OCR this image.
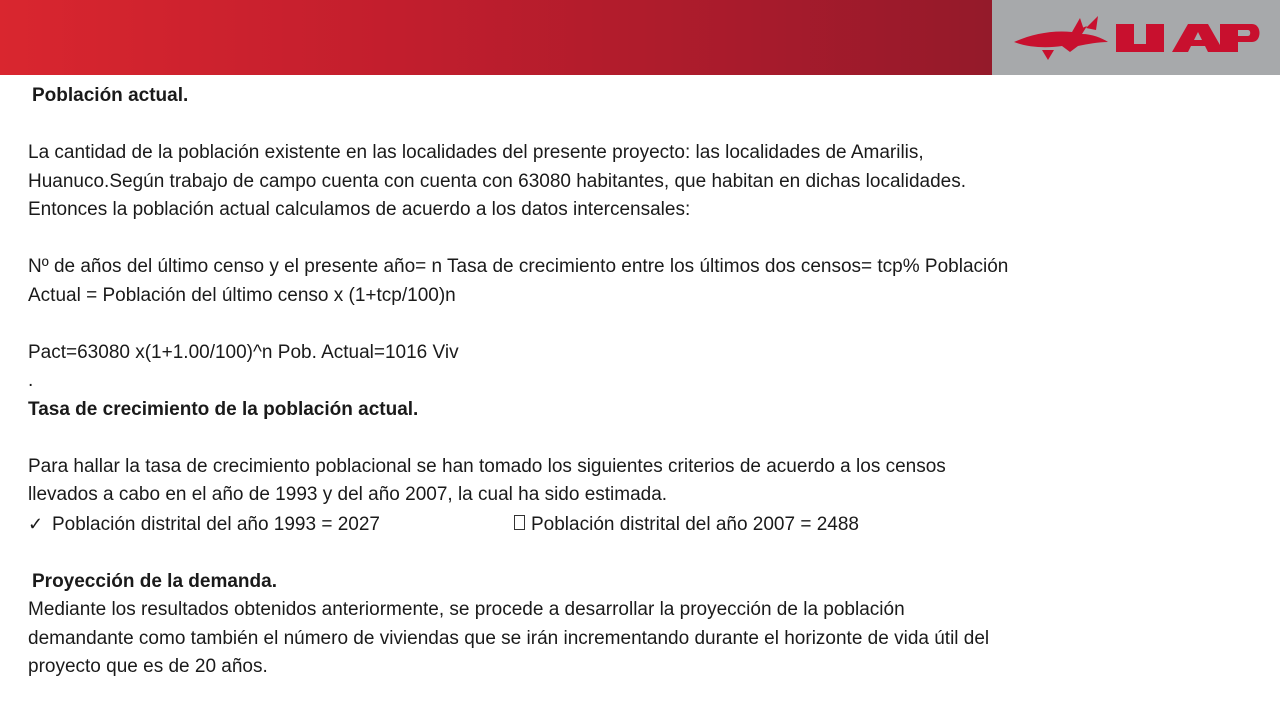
Población actual.

La cantidad de la población existente en las localidades del presente proyecto: las localidades de Amarilis,

Huanuco.Según trabajo de campo cuenta con cuenta con 63080 habitantes, que habitan en dichas localidades.

Entonces la población actual calculamos de acuerdo a los datos intercensales:

Nº de años del último censo y el presente año= n Tasa de crecimiento entre los últimos dos censos= tcp% Población

Actual = Población del último censo x (1+tcp/100)n

Pact=63080 x(1+1.00/100)^n Pob. Actual=1016 Viv

.

Tasa de crecimiento de la población actual.

Para hallar la tasa de crecimiento poblacional se han tomado los siguientes criterios de acuerdo a los censos

llevados a cabo en el año de 1993 y del año 2007, la cual ha sido estimada.

✓ Población distrital del año 1993 = 2027	Población distrital del año 2007 = 2488

Proyección de la demanda.

Mediante los resultados obtenidos anteriormente, se procede a desarrollar la proyección de la población

demandante como también el número de viviendas que se irán incrementando durante el horizonte de vida útil del

proyecto que es de 20 años.
